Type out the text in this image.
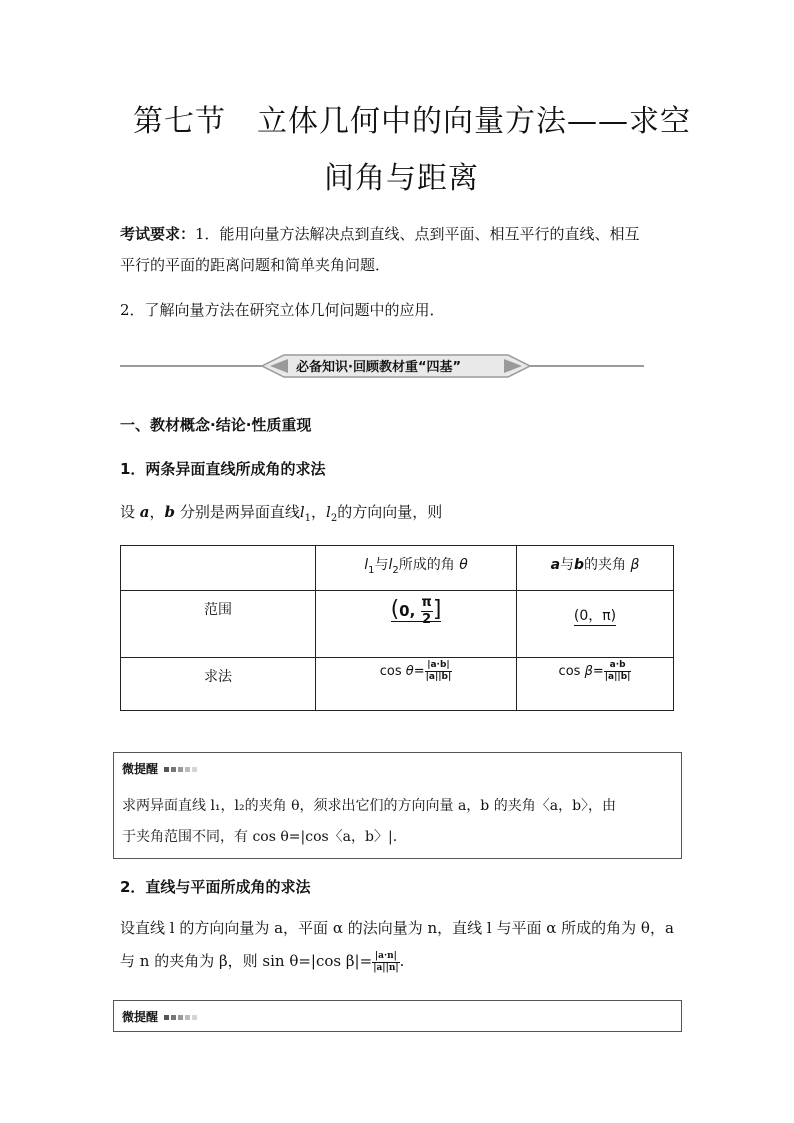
第七节　立体几何中的向量方法——求空
间角与距离
考试要求：1．能用向量方法解决点到直线、点到平面、相互平行的直线、相互
平行的平面的距离问题和简单夹角问题．
2．了解向量方法在研究立体几何问题中的应用．
必备知识·回顾教材重“四基”
一、教材概念·结论·性质重现
1．两条异面直线所成角的求法
设 a，b 分别是两异面直线$l_1$，$l_2$的方向向量，则
	$l_1$与$l_2$所成的角 θ	a与b的夹角 β
范围	(0, $\frac{\pi}{2}$ ]	(0，π)
求法	$\cos \theta= \frac{|a\cdot b|}{|a||b|}$	$\cos \beta= \frac{a\cdot b}{|a||b|}$
微提醒
求两异面直线 l₁，l₂的夹角 θ，须求出它们的方向向量 a，b 的夹角〈a，b〉，由
于夹角范围不同，有 cos θ=|cos〈a，b〉|.
2．直线与平面所成角的求法
设直线 l 的方向向量为 a，平面 α 的法向量为 n，直线 l 与平面 α 所成的角为 θ，a
与 n 的夹角为 β，则 sin θ=|cos $\beta|= \frac{|a\cdot n|}{|a||n|}$ .
微提醒
